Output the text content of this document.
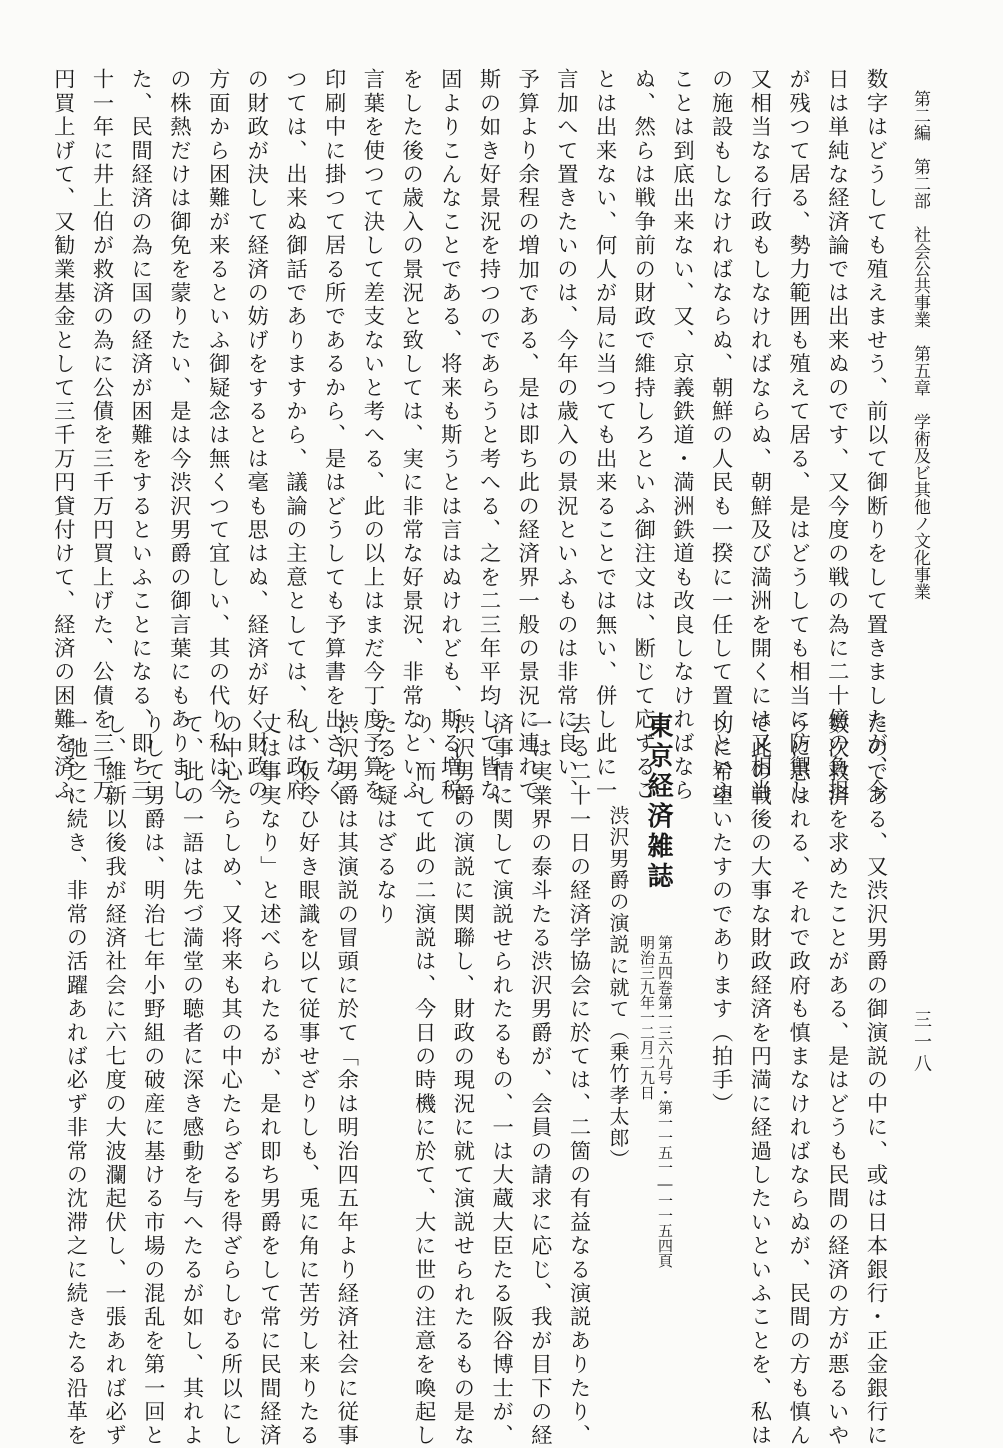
第二編　第二部　社会公共事業　第五章　学術及ビ其他ノ文化事業
三一八
数字はどうしても殖えませう、前以て御断りをして置きましたが、今
日は単純な経済論では出来ぬのです、又今度の戦の為に二十億の負担
が残つて居る、勢力範囲も殖えて居る、是はどうしても相当に防禦し
又相当なる行政もしなければならぬ、朝鮮及び満洲を開くには又相当
の施設もしなければならぬ、朝鮮の人民も一揆に一任して置くといふ
ことは到底出来ない、又、京義鉄道・満洲鉄道も改良しなければなら
ぬ、然らは戦争前の財政で維持しろといふ御注文は、断じて応ずるこ
とは出来ない、何人が局に当つても出来ることでは無い、併し此に一
言加へて置きたいのは、今年の歳入の景況といふものは非常に良い、
予算より余程の増加である、是は即ち此の経済界一般の景況に連れて
斯の如き好景況を持つのであらうと考へる、之を二三年平均して皆な
固よりこんなことである、将来も斯うとは言はぬけれども、斯る増税
をした後の歳入の景況と致しては、実に非常な好景況、非常なといふ
言葉を使つて決して差支ないと考へる、此の以上はまだ今丁度予算を
印刷中に掛つて居る所であるから、是はどうしても予算書を出さなく
つては、出来ぬ御話でありますから、議論の主意としては、私は政府
の財政が決して経済の妨げをするとは毫も思はぬ、経済が好く財政の
方面から困難が来るといふ御疑念は無くつて宜しい、其の代り私は今
の株熱だけは御免を蒙りたい、是は今渋沢男爵の御言葉にもありまし
た、民間経済の為に国の経済が困難をするといふことになる、即ち三
十一年に井上伯が救済の為に公債を三千万円買上げた、公債を三千万
円買上げて、又勧業基金として三千万円貸付けて、経済の困難を済ふ
たのである、又渋沢男爵の御演説の中に、或は日本銀行・正金銀行に
数次救済を求めたことがある、是はどうも民間の経済の方が悪るいや
うに思はれる、それで政府も慎まなければならぬが、民間の方も慎ん
で此の戦後の大事な財政経済を円満に経過したいといふことを、私は
切に希望いたすのであります（拍手）
東京経済雑誌
渋沢男爵の演説に就て（乗竹孝太郎） 第五四巻第一三六九号・第一一五一―一一五四頁
明治三九年一二月二九日
去る二十一日の経済学協会に於ては、二箇の有益なる演説ありたり、
一は実業界の泰斗たる渋沢男爵が、会員の請求に応じ、我が目下の経
済事情に関して演説せられたるもの、一は大蔵大臣たる阪谷博士が、
渋沢男爵の演説に関聯し、財政の現況に就て演説せられたるもの是な
り、而して此の二演説は、今日の時機に於て、大に世の注意を喚起し
たるを疑はざるなり
渋沢男爵は其演説の冒頭に於て「余は明治四五年より経済社会に従事
し、仮令ひ好き眼識を以て従事せざりしも、兎に角に苦労し来りたる
丈は事実なり」と述べられたるが、是れ即ち男爵をして常に民間経済
の中心たらしめ、又将来も其の中心たらざるを得ざらしむる所以にし
て、此の一語は先づ満堂の聴者に深き感動を与へたるが如し、其れよ
りして男爵は、明治七年小野組の破産に基ける市場の混乱を第一回と
し、維新以後我が経済社会に六七度の大波瀾起伏し、一張あれば必ず
一弛之に続き、非常の活躍あれば必ず非常の沈滞之に続きたる沿革を
